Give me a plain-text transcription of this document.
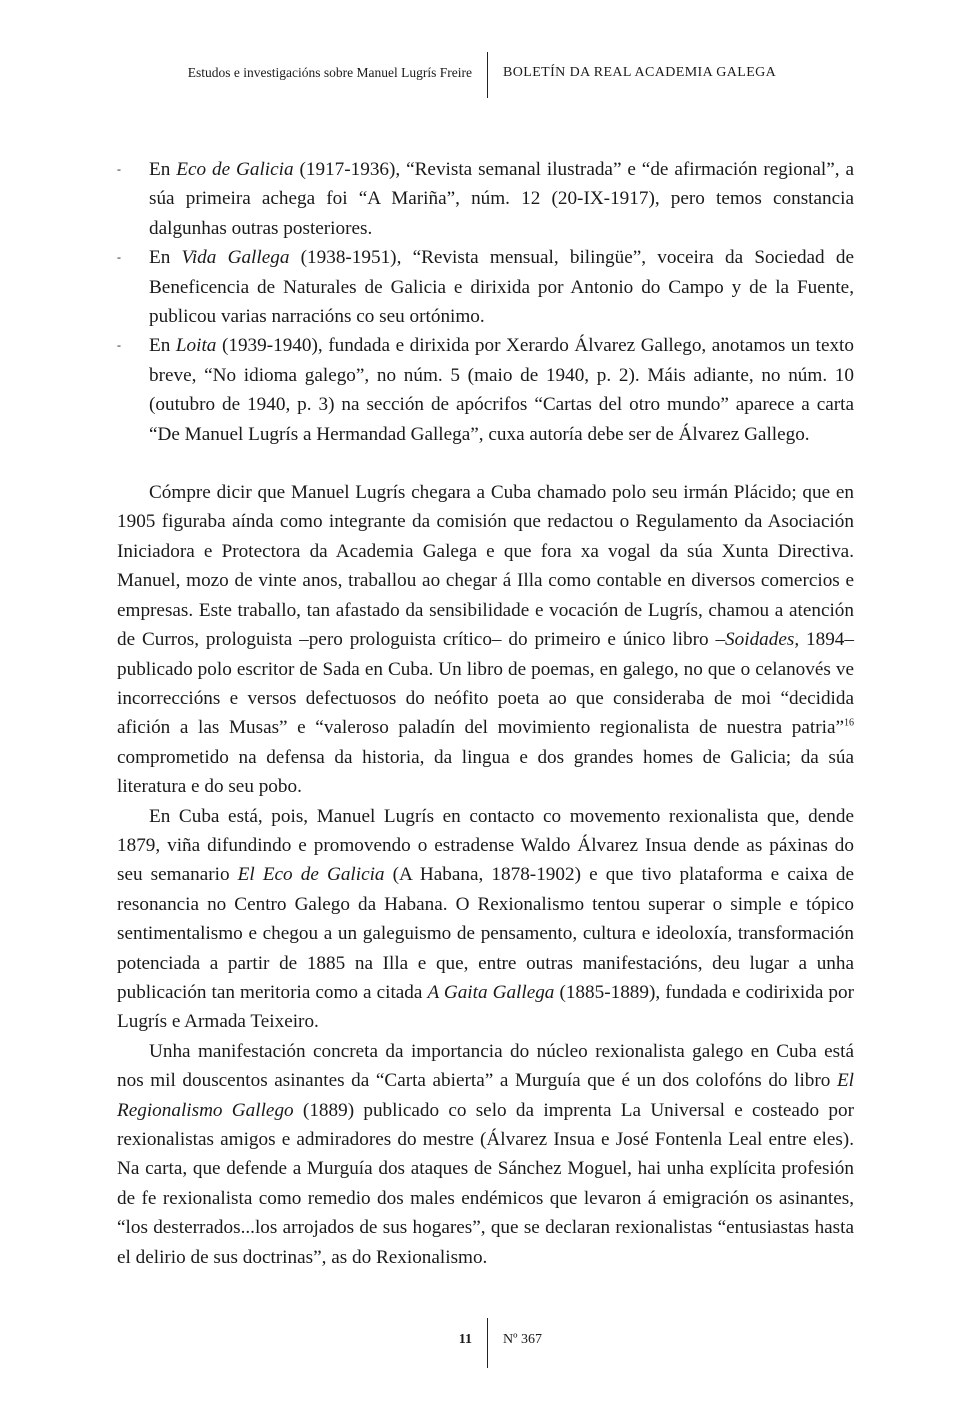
Estudos e investigacións sobre Manuel Lugrís Freire BOLETÍN DA REAL ACADEMIA GALEGA
- En Eco de Galicia (1917-1936), “Revista semanal ilustrada” e “de afirmación regional”, a súa primeira achega foi “A Mariña”, núm. 12 (20-IX-1917), pero temos constancia dalgunhas outras posteriores.
- En Vida Gallega (1938-1951), “Revista mensual, bilingüe”, voceira da Sociedad de Beneficencia de Naturales de Galicia e dirixida por Antonio do Campo y de la Fuente, publicou varias narracións co seu ortónimo.
- En Loita (1939-1940), fundada e dirixida por Xerardo Álvarez Gallego, anotamos un texto breve, “No idioma galego”, no núm. 5 (maio de 1940, p. 2). Máis adiante, no núm. 10 (outubro de 1940, p. 3) na sección de apócrifos “Cartas del otro mundo” aparece a carta “De Manuel Lugrís a Hermandad Gallega”, cuxa autoría debe ser de Álvarez Gallego.

Cómpre dicir que Manuel Lugrís chegara a Cuba chamado polo seu irmán Plácido; que en 1905 figuraba aínda como integrante da comisión que redactou o Regulamento da Asociación Iniciadora e Protectora da Academia Galega e que fora xa vogal da súa Xunta Directiva. Manuel, mozo de vinte anos, traballou ao chegar á Illa como contable en diversos comercios e empresas. Este traballo, tan afastado da sensibilidade e vocación de Lugrís, chamou a atención de Curros, prologuista –pero prologuista crítico– do primeiro e único libro –Soidades, 1894– publicado polo escritor de Sada en Cuba. Un libro de poemas, en galego, no que o celanovés ve incorreccións e versos defectuosos do neófito poeta ao que consideraba de moi “decidida afición a las Musas” e “valeroso paladín del movimiento regionalista de nuestra patria”$^{16}$ comprometido na defensa da historia, da lingua e dos grandes homes de Galicia; da súa literatura e do seu pobo.

En Cuba está, pois, Manuel Lugrís en contacto co movemento rexionalista que, dende 1879, viña difundindo e promovendo o estradense Waldo Álvarez Insua dende as páxinas do seu semanario El Eco de Galicia (A Habana, 1878-1902) e que tivo plataforma e caixa de resonancia no Centro Galego da Habana. O Rexionalismo tentou superar o simple e tópico sentimentalismo e chegou a un galeguismo de pensamento, cultura e ideoloxía, transformación potenciada a partir de 1885 na Illa e que, entre outras manifestacións, deu lugar a unha publicación tan meritoria como a citada A Gaita Gallega (1885-1889), fundada e codirixida por Lugrís e Armada Teixeiro.

Unha manifestación concreta da importancia do núcleo rexionalista galego en Cuba está nos mil douscentos asinantes da “Carta abierta” a Murguía que é un dos colofóns do libro El Regionalismo Gallego (1889) publicado co selo da imprenta La Universal e costeado por rexionalistas amigos e admiradores do mestre (Álvarez Insua e José Fontenla Leal entre eles). Na carta, que defende a Murguía dos ataques de Sánchez Moguel, hai unha explícita profesión de fe rexionalista como remedio dos males endémicos que levaron á emigración os asinantes, “los desterrados...los arrojados de sus hogares”, que se declaran rexionalistas “entusiastas hasta el delirio de sus doctrinas”, as do Rexionalismo.

11 Nº 367
